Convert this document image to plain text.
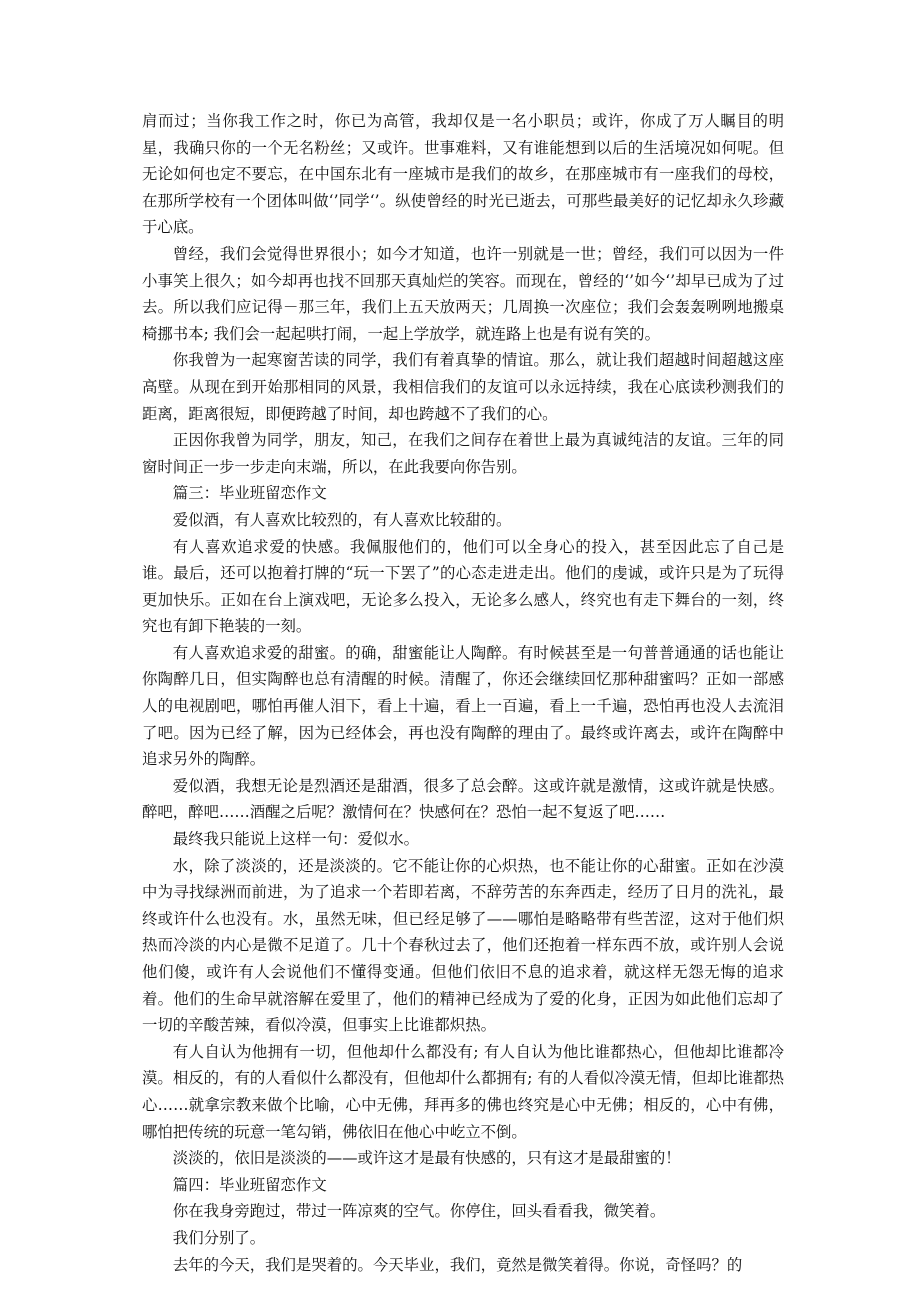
肩而过；当你我工作之时，你已为高管，我却仅是一名小职员；或许，你成了万人瞩目的明星，我确只你的一个无名粉丝；又或许。世事难料，又有谁能想到以后的生活境况如何呢。但无论如何也定不要忘，在中国东北有一座城市是我们的故乡，在那座城市有一座我们的母校，在那所学校有一个团体叫做‘’同学‘’。纵使曾经的时光已逝去，可那些最美好的记忆却永久珍藏于心底。

曾经，我们会觉得世界很小；如今才知道，也许一别就是一世；曾经，我们可以因为一件小事笑上很久；如今却再也找不回那天真灿烂的笑容。而现在，曾经的‘’如今‘’却早已成为了过去。所以我们应记得－那三年，我们上五天放两天；几周换一次座位；我们会轰轰咧咧地搬桌椅挪书本; 我们会一起起哄打闹，一起上学放学，就连路上也是有说有笑的。

你我曾为一起寒窗苦读的同学，我们有着真挚的情谊。那么，就让我们超越时间超越这座高壁。从现在到开始那相同的风景，我相信我们的友谊可以永远持续，我在心底读秒测我们的距离，距离很短，即便跨越了时间，却也跨越不了我们的心。

正因你我曾为同学，朋友，知己，在我们之间存在着世上最为真诚纯洁的友谊。三年的同窗时间正一步一步走向末端，所以，在此我要向你告别。

篇三：毕业班留恋作文

爱似酒，有人喜欢比较烈的，有人喜欢比较甜的。

有人喜欢追求爱的快感。我佩服他们的，他们可以全身心的投入，甚至因此忘了自己是谁。最后，还可以抱着打牌的“玩一下罢了”的心态走进走出。他们的虔诚，或许只是为了玩得更加快乐。正如在台上演戏吧，无论多么投入，无论多么感人，终究也有走下舞台的一刻，终究也有卸下艳装的一刻。

有人喜欢追求爱的甜蜜。的确，甜蜜能让人陶醉。有时候甚至是一句普普通通的话也能让你陶醉几日，但实陶醉也总有清醒的时候。清醒了，你还会继续回忆那种甜蜜吗？正如一部感人的电视剧吧，哪怕再催人泪下，看上十遍，看上一百遍，看上一千遍，恐怕再也没人去流泪了吧。因为已经了解，因为已经体会，再也没有陶醉的理由了。最终或许离去，或许在陶醉中追求另外的陶醉。

爱似酒，我想无论是烈酒还是甜酒，很多了总会醉。这或许就是激情，这或许就是快感。醉吧，醉吧……酒醒之后呢？激情何在？快感何在？恐怕一起不复返了吧……

最终我只能说上这样一句：爱似水。

水，除了淡淡的，还是淡淡的。它不能让你的心炽热，也不能让你的心甜蜜。正如在沙漠中为寻找绿洲而前进，为了追求一个若即若离，不辞劳苦的东奔西走，经历了日月的洗礼，最终或许什么也没有。水，虽然无味，但已经足够了——哪怕是略略带有些苦涩，这对于他们炽热而冷淡的内心是微不足道了。几十个春秋过去了，他们还抱着一样东西不放，或许别人会说他们傻，或许有人会说他们不懂得变通。但他们依旧不息的追求着，就这样无怨无悔的追求着。他们的生命早就溶解在爱里了，他们的精神已经成为了爱的化身，正因为如此他们忘却了一切的辛酸苦辣，看似冷漠，但事实上比谁都炽热。

有人自认为他拥有一切，但他却什么都没有; 有人自认为他比谁都热心，但他却比谁都冷漠。相反的，有的人看似什么都没有，但他却什么都拥有; 有的人看似冷漠无情，但却比谁都热心……就拿宗教来做个比喻，心中无佛，拜再多的佛也终究是心中无佛；相反的，心中有佛，哪怕把传统的玩意一笔勾销，佛依旧在他心中屹立不倒。

淡淡的，依旧是淡淡的——或许这才是最有快感的，只有这才是最甜蜜的！

篇四：毕业班留恋作文

你在我身旁跑过，带过一阵凉爽的空气。你停住，回头看看我，微笑着。

我们分别了。

去年的今天，我们是哭着的。今天毕业，我们，竟然是微笑着得。你说，奇怪吗？的
